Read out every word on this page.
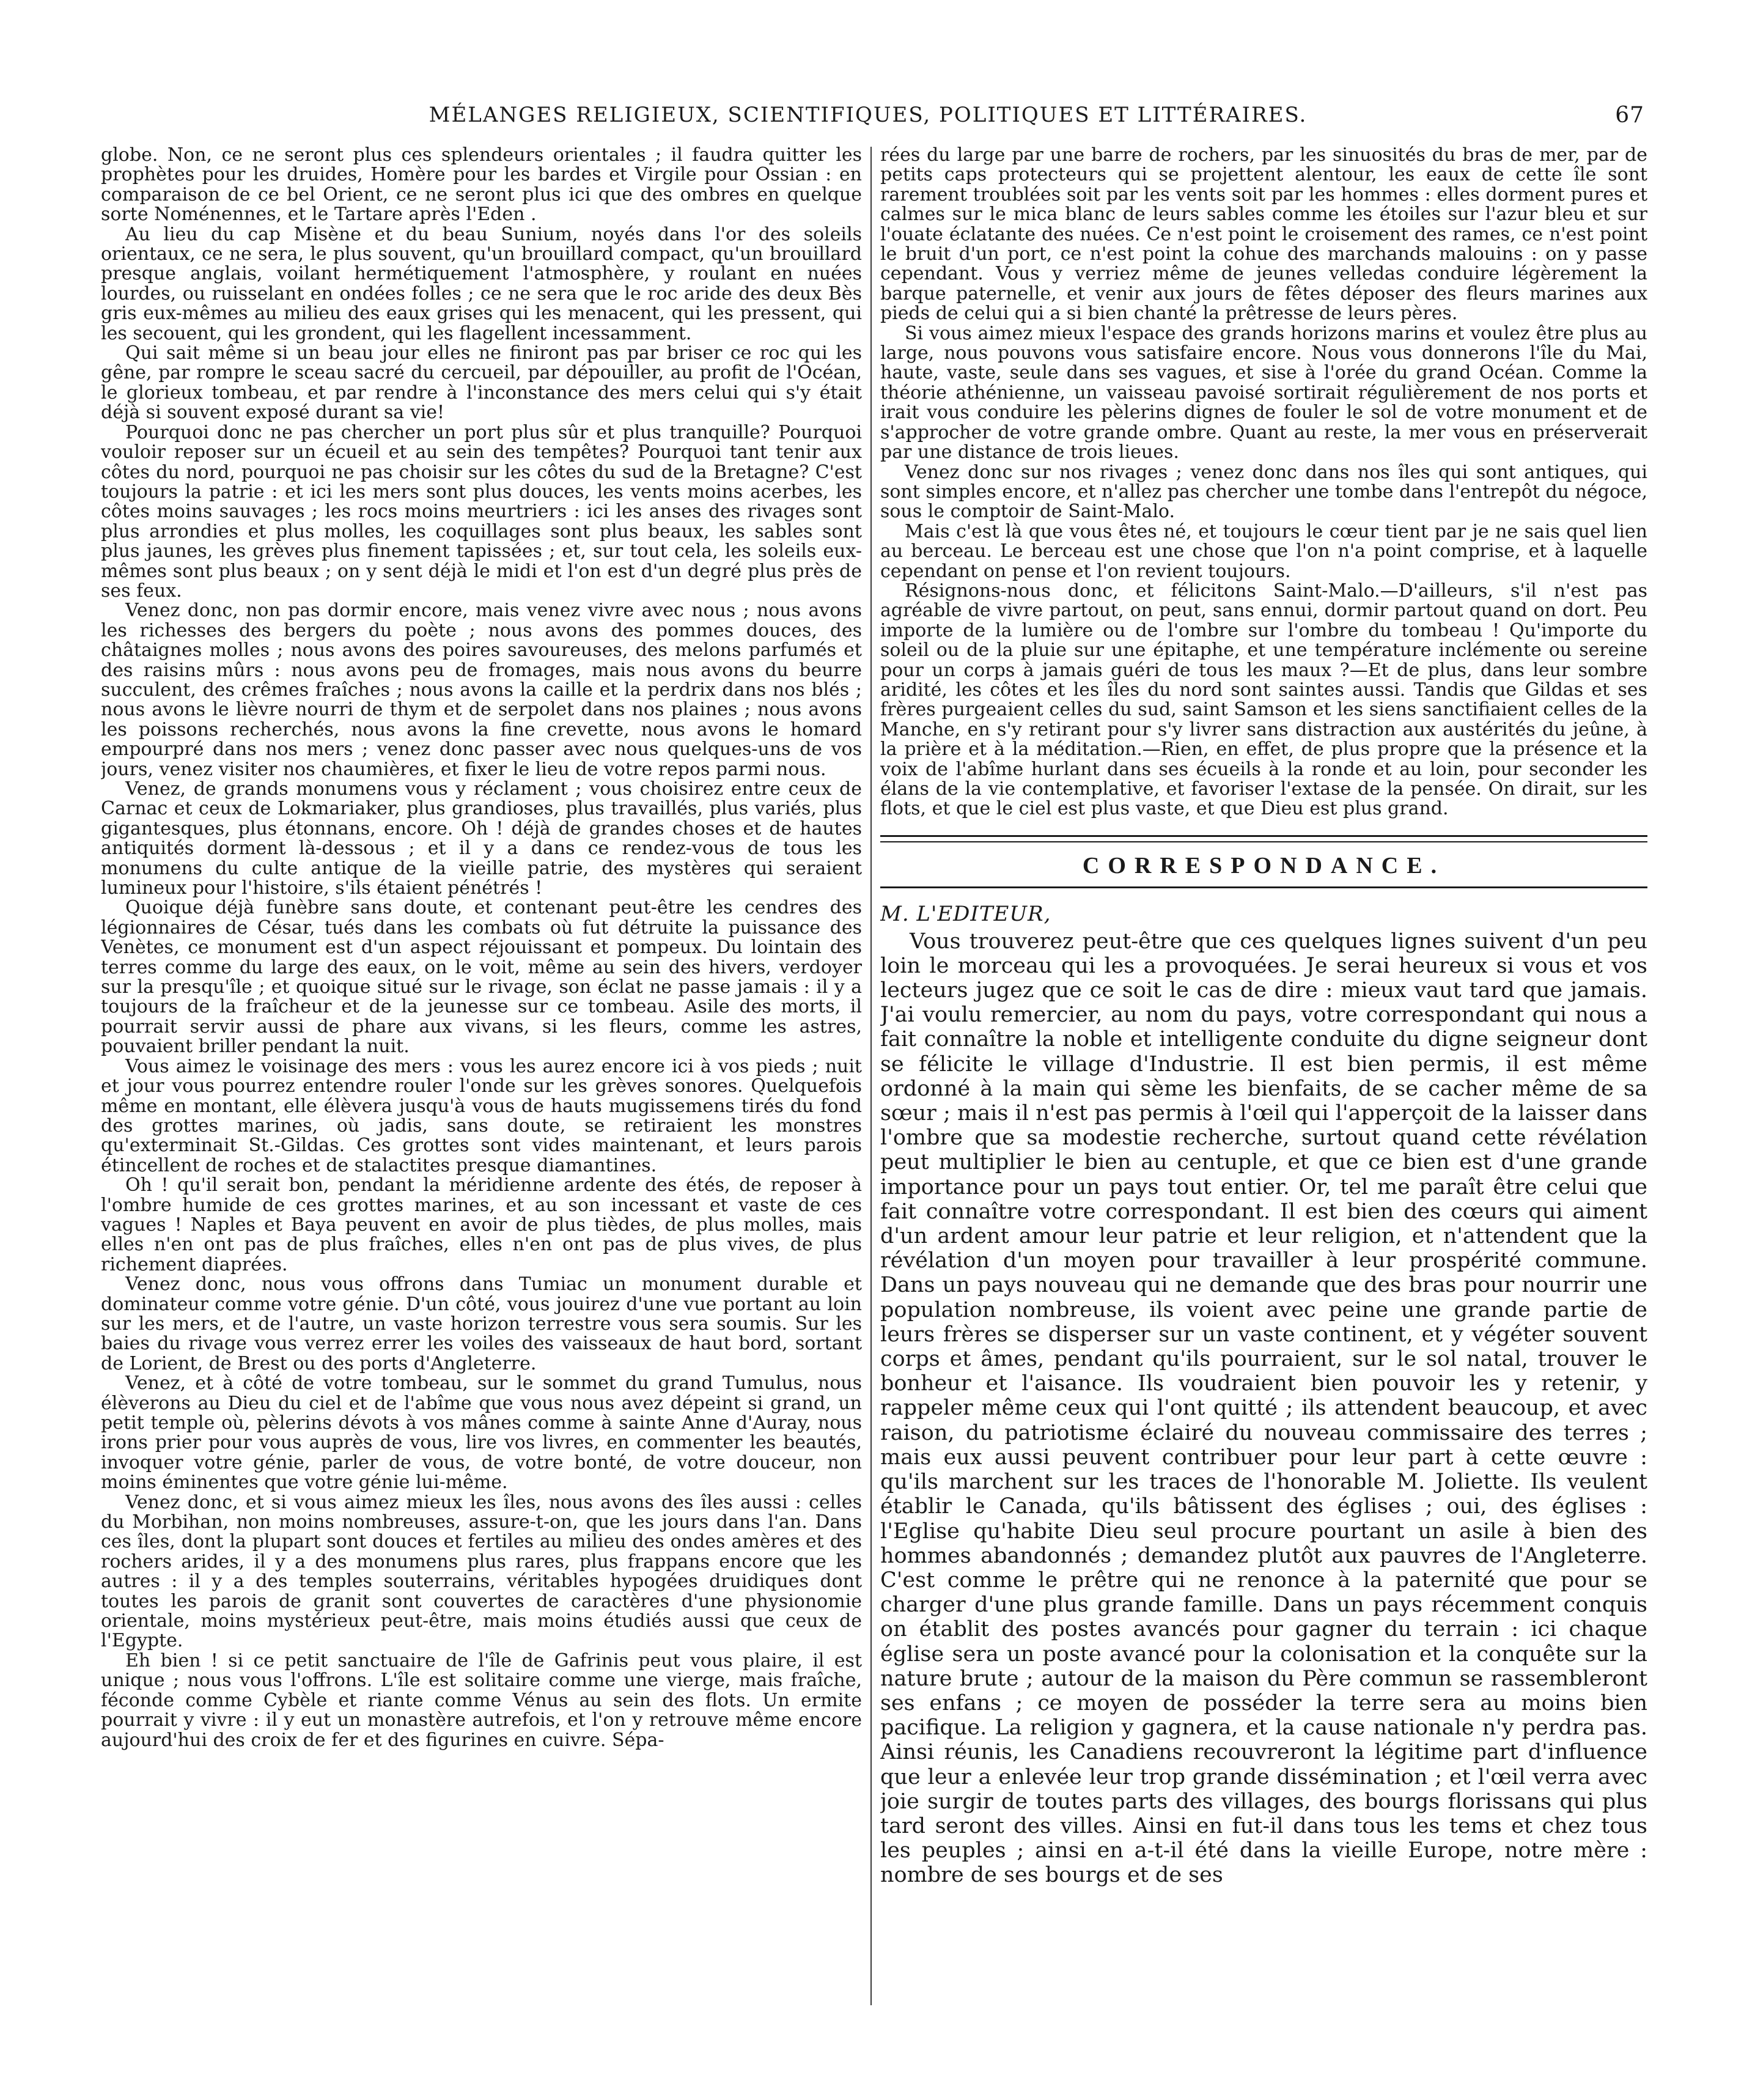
MÉLANGES RELIGIEUX, SCIENTIFIQUES, POLITIQUES ET LITTÉRAIRES.	67

globe. Non, ce ne seront plus ces splendeurs orientales ; il faudra quitter les prophètes pour les druides, Homère pour les bardes et Virgile pour Ossian : en comparaison de ce bel Orient, ce ne seront plus ici que des ombres en quelque sorte Noménennes, et le Tartare après l'Eden .

Au lieu du cap Misène et du beau Sunium, noyés dans l'or des soleils orientaux, ce ne sera, le plus souvent, qu'un brouillard compact, qu'un brouillard presque anglais, voilant hermétiquement l'atmosphère, y roulant en nuées lourdes, ou ruisselant en ondées folles ; ce ne sera que le roc aride des deux Bès gris eux-mêmes au milieu des eaux grises qui les menacent, qui les pressent, qui les secouent, qui les grondent, qui les flagellent incessamment.

Qui sait même si un beau jour elles ne finiront pas par briser ce roc qui les gêne, par rompre le sceau sacré du cercueil, par dépouiller, au profit de l'Océan, le glorieux tombeau, et par rendre à l'inconstance des mers celui qui s'y était déjà si souvent exposé durant sa vie!

Pourquoi donc ne pas chercher un port plus sûr et plus tranquille? Pourquoi vouloir reposer sur un écueil et au sein des tempêtes? Pourquoi tant tenir aux côtes du nord, pourquoi ne pas choisir sur les côtes du sud de la Bretagne? C'est toujours la patrie : et ici les mers sont plus douces, les vents moins acerbes, les côtes moins sauvages ; les rocs moins meurtriers : ici les anses des rivages sont plus arrondies et plus molles, les coquillages sont plus beaux, les sables sont plus jaunes, les grèves plus finement tapissées ; et, sur tout cela, les soleils eux-mêmes sont plus beaux ; on y sent déjà le midi et l'on est d'un degré plus près de ses feux.

Venez donc, non pas dormir encore, mais venez vivre avec nous ; nous avons les richesses des bergers du poète ; nous avons des pommes douces, des châtaignes molles ; nous avons des poires savoureuses, des melons parfumés et des raisins mûrs : nous avons peu de fromages, mais nous avons du beurre succulent, des crêmes fraîches ; nous avons la caille et la perdrix dans nos blés ; nous avons le lièvre nourri de thym et de serpolet dans nos plaines ; nous avons les poissons recherchés, nous avons la fine crevette, nous avons le homard empourpré dans nos mers ; venez donc passer avec nous quelques-uns de vos jours, venez visiter nos chaumières, et fixer le lieu de votre repos parmi nous.

Venez, de grands monumens vous y réclament ; vous choisirez entre ceux de Carnac et ceux de Lokmariaker, plus grandioses, plus travaillés, plus variés, plus gigantesques, plus étonnans, encore. Oh ! déjà de grandes choses et de hautes antiquités dorment là-dessous ; et il y a dans ce rendez-vous de tous les monumens du culte antique de la vieille patrie, des mystères qui seraient lumineux pour l'histoire, s'ils étaient pénétrés !

Quoique déjà funèbre sans doute, et contenant peut-être les cendres des légionnaires de César, tués dans les combats où fut détruite la puissance des Venètes, ce monument est d'un aspect réjouissant et pompeux. Du lointain des terres comme du large des eaux, on le voit, même au sein des hivers, verdoyer sur la presqu'île ; et quoique situé sur le rivage, son éclat ne passe jamais : il y a toujours de la fraîcheur et de la jeunesse sur ce tombeau. Asile des morts, il pourrait servir aussi de phare aux vivans, si les fleurs, comme les astres, pouvaient briller pendant la nuit.

Vous aimez le voisinage des mers : vous les aurez encore ici à vos pieds ; nuit et jour vous pourrez entendre rouler l'onde sur les grèves sonores. Quelquefois même en montant, elle élèvera jusqu'à vous de hauts mugissemens tirés du fond des grottes marines, où jadis, sans doute, se retiraient les monstres qu'exterminait St.-Gildas. Ces grottes sont vides maintenant, et leurs parois étincellent de roches et de stalactites presque diamantines.

Oh ! qu'il serait bon, pendant la méridienne ardente des étés, de reposer à l'ombre humide de ces grottes marines, et au son incessant et vaste de ces vagues ! Naples et Baya peuvent en avoir de plus tièdes, de plus molles, mais elles n'en ont pas de plus fraîches, elles n'en ont pas de plus vives, de plus richement diaprées.

Venez donc, nous vous offrons dans Tumiac un monument durable et dominateur comme votre génie. D'un côté, vous jouirez d'une vue portant au loin sur les mers, et de l'autre, un vaste horizon terrestre vous sera soumis. Sur les baies du rivage vous verrez errer les voiles des vaisseaux de haut bord, sortant de Lorient, de Brest ou des ports d'Angleterre.

Venez, et à côté de votre tombeau, sur le sommet du grand Tumulus, nous élèverons au Dieu du ciel et de l'abîme que vous nous avez dépeint si grand, un petit temple où, pèlerins dévots à vos mânes comme à sainte Anne d'Auray, nous irons prier pour vous auprès de vous, lire vos livres, en commenter les beautés, invoquer votre génie, parler de vous, de votre bonté, de votre douceur, non moins éminentes que votre génie lui-même.

Venez donc, et si vous aimez mieux les îles, nous avons des îles aussi : celles du Morbihan, non moins nombreuses, assure-t-on, que les jours dans l'an. Dans ces îles, dont la plupart sont douces et fertiles au milieu des ondes amères et des rochers arides, il y a des monumens plus rares, plus frappans encore que les autres : il y a des temples souterrains, véritables hypogées druidiques dont toutes les parois de granit sont couvertes de caractères d'une physionomie orientale, moins mystérieux peut-être, mais moins étudiés aussi que ceux de l'Egypte.

Eh bien ! si ce petit sanctuaire de l'île de Gafrinis peut vous plaire, il est unique ; nous vous l'offrons. L'île est solitaire comme une vierge, mais fraîche, féconde comme Cybèle et riante comme Vénus au sein des flots. Un ermite pourrait y vivre : il y eut un monastère autrefois, et l'on y retrouve même encore aujourd'hui des croix de fer et des figurines en cuivre. Sépa-

rées du large par une barre de rochers, par les sinuosités du bras de mer, par de petits caps protecteurs qui se projettent alentour, les eaux de cette île sont rarement troublées soit par les vents soit par les hommes : elles dorment pures et calmes sur le mica blanc de leurs sables comme les étoiles sur l'azur bleu et sur l'ouate éclatante des nuées. Ce n'est point le croisement des rames, ce n'est point le bruit d'un port, ce n'est point la cohue des marchands malouins : on y passe cependant. Vous y verriez même de jeunes velledas conduire légèrement la barque paternelle, et venir aux jours de fêtes déposer des fleurs marines aux pieds de celui qui a si bien chanté la prêtresse de leurs pères.

Si vous aimez mieux l'espace des grands horizons marins et voulez être plus au large, nous pouvons vous satisfaire encore. Nous vous donnerons l'île du Mai, haute, vaste, seule dans ses vagues, et sise à l'orée du grand Océan. Comme la théorie athénienne, un vaisseau pavoisé sortirait régulièrement de nos ports et irait vous conduire les pèlerins dignes de fouler le sol de votre monument et de s'approcher de votre grande ombre. Quant au reste, la mer vous en préserverait par une distance de trois lieues.

Venez donc sur nos rivages ; venez donc dans nos îles qui sont antiques, qui sont simples encore, et n'allez pas chercher une tombe dans l'entrepôt du négoce, sous le comptoir de Saint-Malo.

Mais c'est là que vous êtes né, et toujours le cœur tient par je ne sais quel lien au berceau. Le berceau est une chose que l'on n'a point comprise, et à laquelle cependant on pense et l'on revient toujours.

Résignons-nous donc, et félicitons Saint-Malo.—D'ailleurs, s'il n'est pas agréable de vivre partout, on peut, sans ennui, dormir partout quand on dort. Peu importe de la lumière ou de l'ombre sur l'ombre du tombeau ! Qu'importe du soleil ou de la pluie sur une épitaphe, et une température inclémente ou sereine pour un corps à jamais guéri de tous les maux ?—Et de plus, dans leur sombre aridité, les côtes et les îles du nord sont saintes aussi. Tandis que Gildas et ses frères purgeaient celles du sud, saint Samson et les siens sanctifiaient celles de la Manche, en s'y retirant pour s'y livrer sans distraction aux austérités du jeûne, à la prière et à la méditation.—Rien, en effet, de plus propre que la présence et la voix de l'abîme hurlant dans ses écueils à la ronde et au loin, pour seconder les élans de la vie contemplative, et favoriser l'extase de la pensée. On dirait, sur les flots, et que le ciel est plus vaste, et que Dieu est plus grand.

CORRESPONDANCE.
M. L'EDITEUR,

Vous trouverez peut-être que ces quelques lignes suivent d'un peu loin le morceau qui les a provoquées. Je serai heureux si vous et vos lecteurs jugez que ce soit le cas de dire : mieux vaut tard que jamais. J'ai voulu remercier, au nom du pays, votre correspondant qui nous a fait connaître la noble et intelligente conduite du digne seigneur dont se félicite le village d'Industrie. Il est bien permis, il est même ordonné à la main qui sème les bienfaits, de se cacher même de sa sœur ; mais il n'est pas permis à l'œil qui l'apperçoit de la laisser dans l'ombre que sa modestie recherche, surtout quand cette révélation peut multiplier le bien au centuple, et que ce bien est d'une grande importance pour un pays tout entier. Or, tel me paraît être celui que fait connaître votre correspondant. Il est bien des cœurs qui aiment d'un ardent amour leur patrie et leur religion, et n'attendent que la révélation d'un moyen pour travailler à leur prospérité commune. Dans un pays nouveau qui ne demande que des bras pour nourrir une population nombreuse, ils voient avec peine une grande partie de leurs frères se disperser sur un vaste continent, et y végéter souvent corps et âmes, pendant qu'ils pourraient, sur le sol natal, trouver le bonheur et l'aisance. Ils voudraient bien pouvoir les y retenir, y rappeler même ceux qui l'ont quitté ; ils attendent beaucoup, et avec raison, du patriotisme éclairé du nouveau commissaire des terres ; mais eux aussi peuvent contribuer pour leur part à cette œuvre : qu'ils marchent sur les traces de l'honorable M. Joliette. Ils veulent établir le Canada, qu'ils bâtissent des églises ; oui, des églises : l'Eglise qu'habite Dieu seul procure pourtant un asile à bien des hommes abandonnés ; demandez plutôt aux pauvres de l'Angleterre. C'est comme le prêtre qui ne renonce à la paternité que pour se charger d'une plus grande famille. Dans un pays récemment conquis on établit des postes avancés pour gagner du terrain : ici chaque église sera un poste avancé pour la colonisation et la conquête sur la nature brute ; autour de la maison du Père commun se rassembleront ses enfans ; ce moyen de posséder la terre sera au moins bien pacifique. La religion y gagnera, et la cause nationale n'y perdra pas. Ainsi réunis, les Canadiens recouvreront la légitime part d'influence que leur a enlevée leur trop grande dissémination ; et l'œil verra avec joie surgir de toutes parts des villages, des bourgs florissans qui plus tard seront des villes. Ainsi en fut-il dans tous les tems et chez tous les peuples ; ainsi en a-t-il été dans la vieille Europe, notre mère : nombre de ses bourgs et de ses
